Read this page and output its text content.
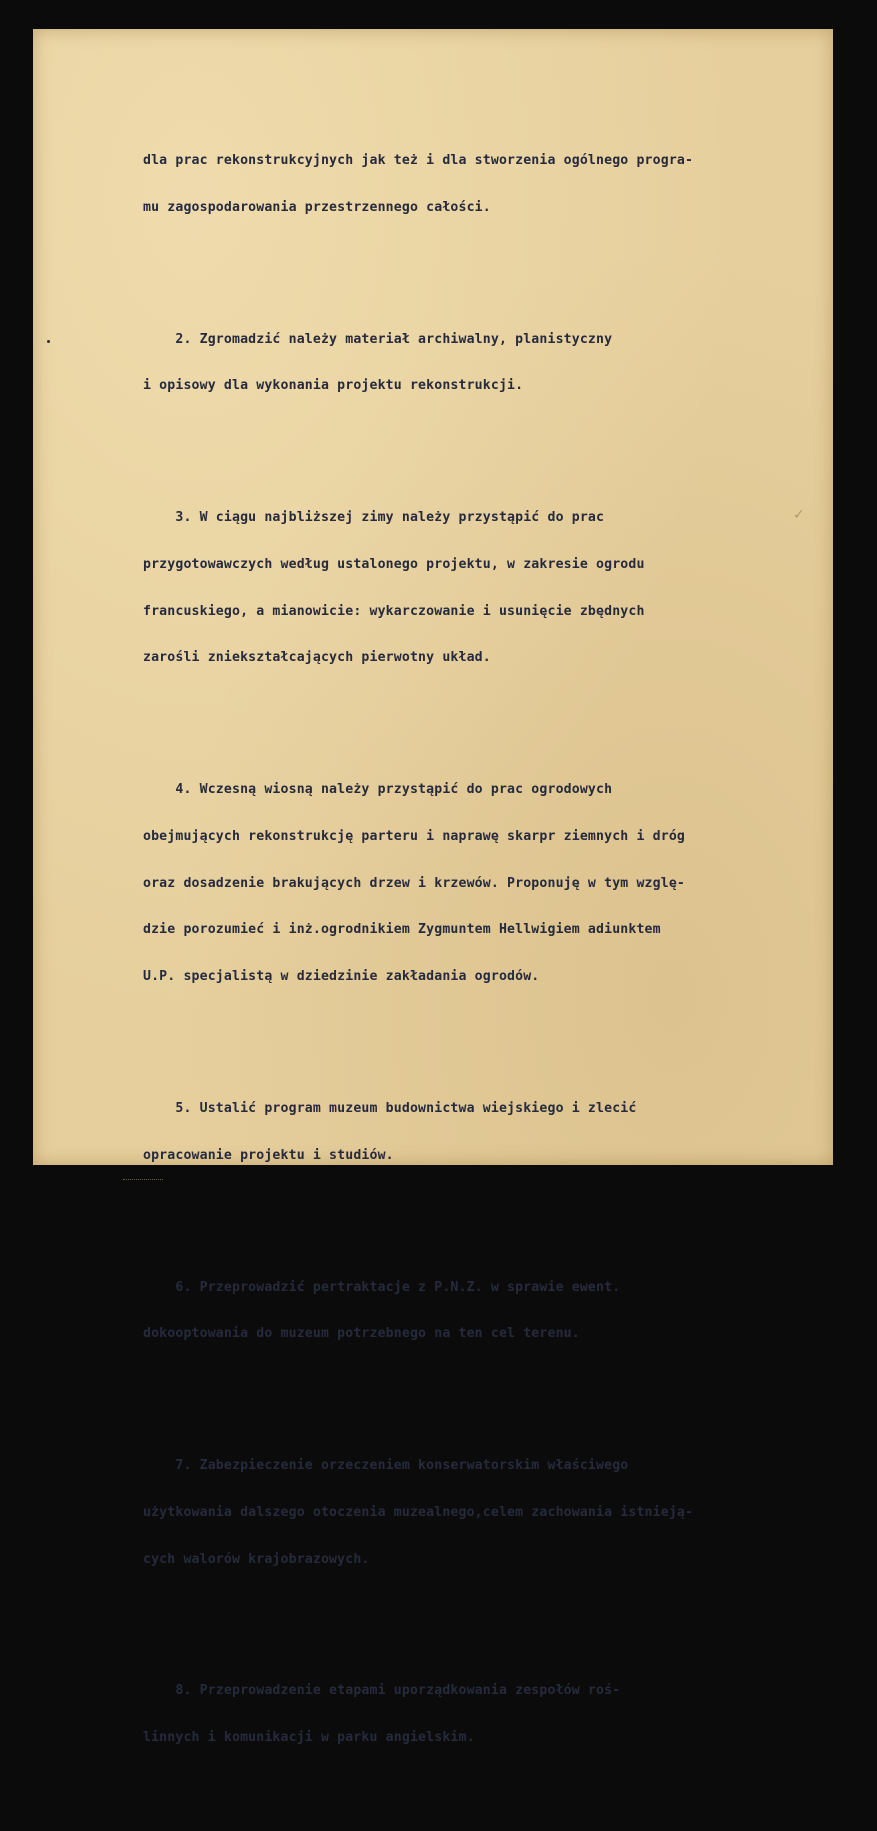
dla prac rekonstrukcyjnych jak też i dla stworzenia ogólnego progra-

mu zagospodarowania przestrzennego całości.

2. Zgromadzić należy materiał archiwalny, planistyczny

i opisowy dla wykonania projektu rekonstrukcji.

3. W ciągu najbliższej zimy należy przystąpić do prac

przygotowawczych według ustalonego projektu, w zakresie ogrodu

francuskiego, a mianowicie: wykarczowanie i usunięcie zbędnych

zarośli zniekształcających pierwotny układ.

4. Wczesną wiosną należy przystąpić do prac ogrodowych

obejmujących rekonstrukcję parteru i naprawę skarpr ziemnych i dróg

oraz dosadzenie brakujących drzew i krzewów. Proponuję w tym wzglę-

dzie porozumieć i inż.ogrodnikiem Zygmuntem Hellwigiem adiunktem

U.P. specjalistą w dziedzinie zakładania ogrodów.

5. Ustalić program muzeum budownictwa wiejskiego i zlecić

opracowanie projektu i studiów.

6. Przeprowadzić pertraktacje z P.N.Z. w sprawie ewent.

dokooptowania do muzeum potrzebnego na ten cel terenu.

7. Zabezpieczenie orzeczeniem konserwatorskim właściwego

użytkowania dalszego otoczenia muzealnego,celem zachowania istnieją-

cych walorów krajobrazowych.

8. Przeprowadzenie etapami uporządkowania zespołów roś-

linnych i komunikacji w parku angielskim.

✓
